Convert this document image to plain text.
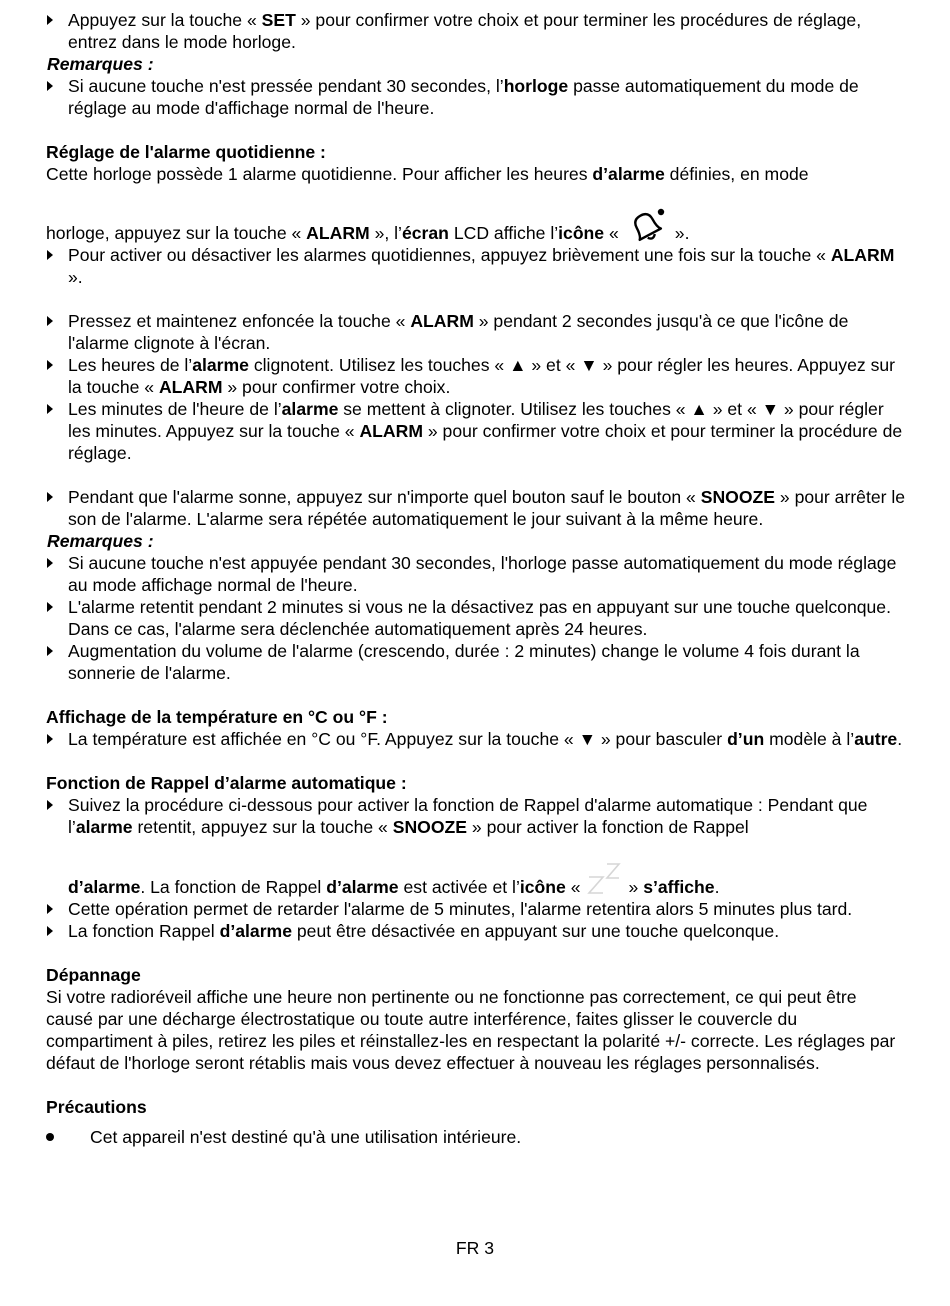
Appuyez sur la touche « SET » pour confirmer votre choix et pour terminer les procédures de réglage, entrez dans le mode horloge.

Remarques :

Si aucune touche n'est pressée pendant 30 secondes, l’horloge passe automatiquement du mode de réglage au mode d'affichage normal de l'heure.

Réglage de l'alarme quotidienne :

Cette horloge possède 1 alarme quotidienne. Pour afficher les heures d’alarme définies, en mode

horloge, appuyez sur la touche « ALARM », l’écran LCD affiche l’icône «	».

Pour activer ou désactiver les alarmes quotidiennes, appuyez brièvement une fois sur la touche « ALARM ».

Pressez et maintenez enfoncée la touche « ALARM » pendant 2 secondes jusqu'à ce que l'icône de l'alarme clignote à l'écran.

Les heures de l’alarme clignotent. Utilisez les touches « ▲ » et « ▼ » pour régler les heures. Appuyez sur la touche « ALARM » pour confirmer votre choix.

Les minutes de l'heure de l’alarme se mettent à clignoter. Utilisez les touches « ▲ » et « ▼ » pour régler les minutes. Appuyez sur la touche « ALARM » pour confirmer votre choix et pour terminer la procédure de réglage.

Pendant que l'alarme sonne, appuyez sur n'importe quel bouton sauf le bouton « SNOOZE » pour arrêter le son de l'alarme. L'alarme sera répétée automatiquement le jour suivant à la même heure.

Remarques :

Si aucune touche n'est appuyée pendant 30 secondes, l'horloge passe automatiquement du mode réglage au mode affichage normal de l'heure.

L'alarme retentit pendant 2 minutes si vous ne la désactivez pas en appuyant sur une touche quelconque. Dans ce cas, l'alarme sera déclenchée automatiquement après 24 heures.

Augmentation du volume de l'alarme (crescendo, durée : 2 minutes) change le volume 4 fois durant la sonnerie de l'alarme.

Affichage de la température en °C ou °F :

La température est affichée en °C ou °F. Appuyez sur la touche « ▼ » pour basculer d’un modèle à l’autre.

Fonction de Rappel d’alarme automatique :

Suivez la procédure ci-dessous pour activer la fonction de Rappel d'alarme automatique : Pendant que l’alarme retentit, appuyez sur la touche « SNOOZE » pour activer la fonction de Rappel

d’alarme. La fonction de Rappel d’alarme est activée et l’icône «	» s’affiche.

Cette opération permet de retarder l'alarme de 5 minutes, l'alarme retentira alors 5 minutes plus tard.

La fonction Rappel d’alarme peut être désactivée en appuyant sur une touche quelconque.

Dépannage

Si votre radioréveil affiche une heure non pertinente ou ne fonctionne pas correctement, ce qui peut être causé par une décharge électrostatique ou toute autre interférence, faites glisser le couvercle du compartiment à piles, retirez les piles et réinstallez-les en respectant la polarité +/- correcte. Les réglages par défaut de l'horloge seront rétablis mais vous devez effectuer à nouveau les réglages personnalisés.

Précautions

Cet appareil n'est destiné qu'à une utilisation intérieure.

FR 3
